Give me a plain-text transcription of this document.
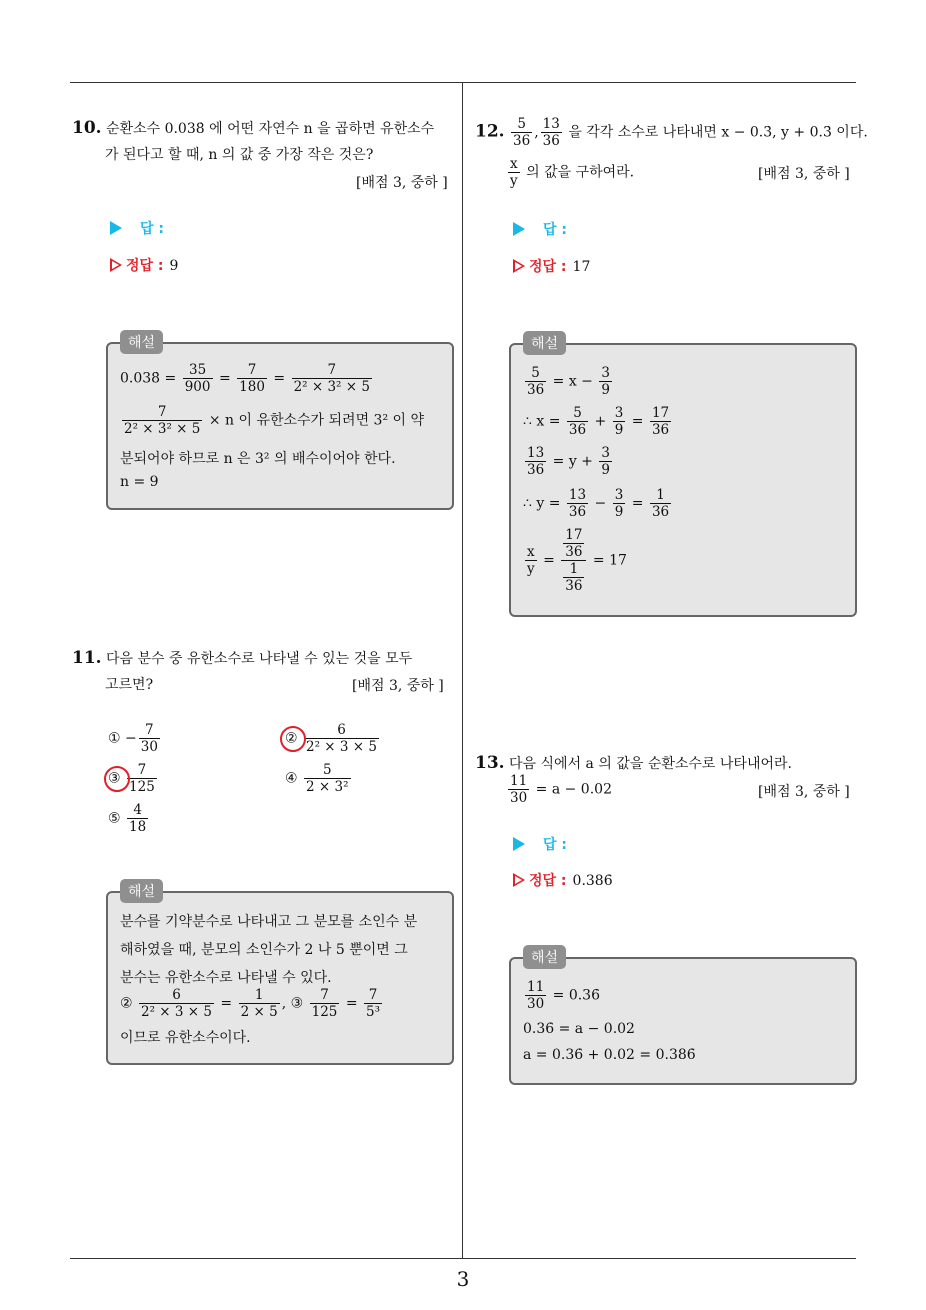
10. 순환소수 0.038̇ 에 어떤 자연수 n 을 곱하면 유한소수
가 된다고 할 때, n 의 값 중 가장 작은 것은?
[배점 3, 중하 ]
답 :
정답 : 9
해설
0.038̇ = $\frac{35}{900} = \frac{7}{180} = \frac{7}{\text{2² × 3² × 5}}$
$\frac{7}{\text{2² × 3² × 5}} \times n$ 이 유한소수가 되려면 3² 이 약
분되어야 하므로 n 은 3² 의 배수이어야 한다.
n = 9
11. 다음 분수 중 유한소수로 나타낼 수 있는 것을 모두
고르면?	[배점 3, 중하 ]
① − $\frac{7}{30}$	② $\frac{6}{\text{2² × 3 × 5}}$
③ $\frac{7}{125}$	④ $\frac{5}{\text{2 × 3²}}$
⑤ $\frac{4}{18}$
해설
분수를 기약분수로 나타내고 그 분모를 소인수 분
해하였을 때, 분모의 소인수가 2 나 5 뿐이면 그
분수는 유한소수로 나타낼 수 있다.
② $\frac{6}{\text{2² × 3 × 5}} = \frac{1}{2 \times 5}$ , ③ $\frac{7}{125} = \frac{7}{\text{5³}}$
이므로 유한소수이다.
12. $\frac{5}{36}$ , $\frac{13}{36}$ 을 각각 소수로 나타내면 x − 0.3̇, y + 0.3̇ 이다.
$\frac{x}{y}$ 의 값을 구하여라.	[배점 3, 중하 ]
답 :
정답 : 17
해설
$\frac{5}{36} = x - \frac{3}{9}$
∴ $x = \frac{5}{36} + \frac{3}{9} = \frac{17}{36}$
$\frac{13}{36} = y + \frac{3}{9}$
∴ $y = \frac{13}{36} - \frac{3}{9} = \frac{1}{36}$
$\frac{x}{y} = \frac{\frac{17}{36}}{\frac{1}{36}} = 17$
13. 다음 식에서 a 의 값을 순환소수로 나타내어라.
$\frac{11}{30} = a - 0.02$	[배점 3, 중하 ]
답 :
정답 : 0.386̇
해설
$\frac{11}{30}$ = 0.36̇
0.36̇ = a − 0.02
a = 0.36̇ + 0.02 = 0.386̇
3
